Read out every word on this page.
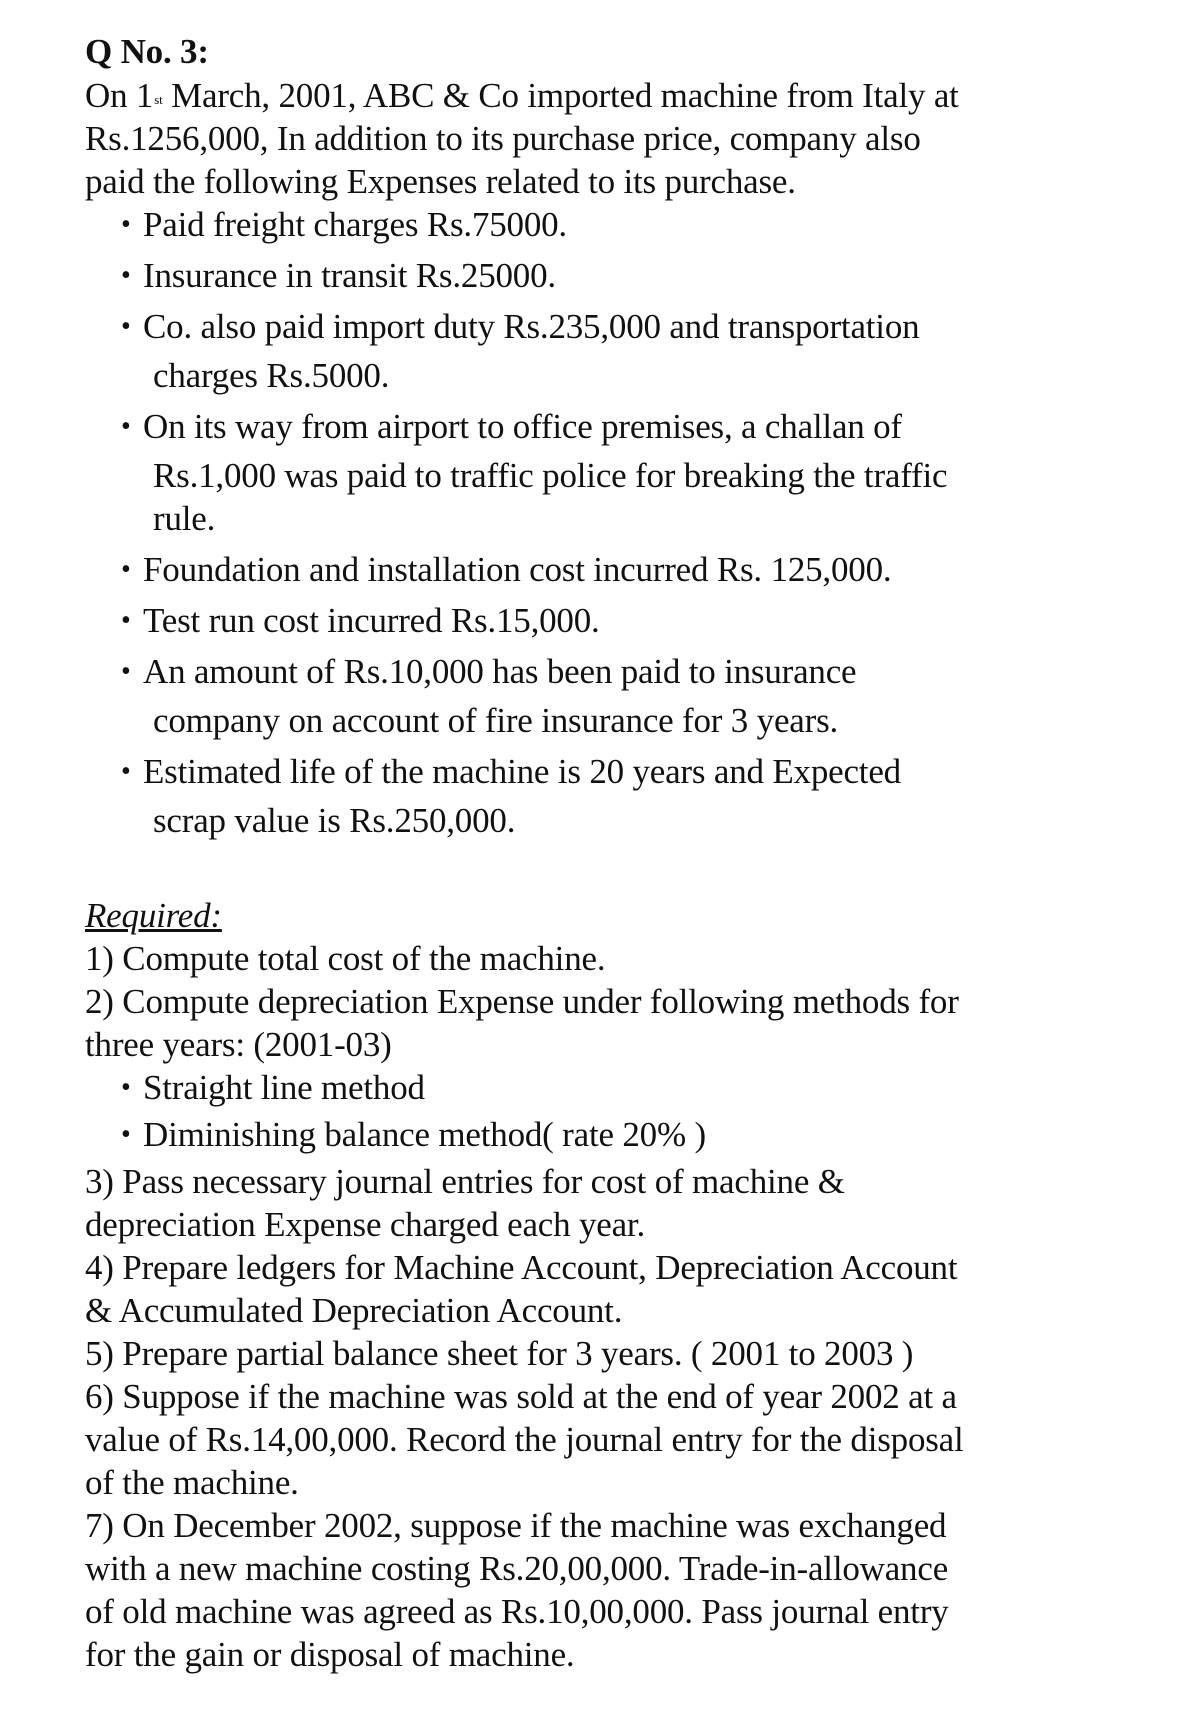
Q No. 3:

On 1st March, 2001, ABC & Co imported machine from Italy at
Rs.1256,000, In addition to its purchase price, company also
paid the following Expenses related to its purchase.

• Paid freight charges Rs.75000.
• Insurance in transit Rs.25000.
• Co. also paid import duty Rs.235,000 and transportation
charges Rs.5000.
• On its way from airport to office premises, a challan of
Rs.1,000 was paid to traffic police for breaking the traffic
rule.
• Foundation and installation cost incurred Rs. 125,000.
• Test run cost incurred Rs.15,000.
• An amount of Rs.10,000 has been paid to insurance
company on account of fire insurance for 3 years.
• Estimated life of the machine is 20 years and Expected
scrap value is Rs.250,000.

Required:

1) Compute total cost of the machine.

2) Compute depreciation Expense under following methods for
three years: (2001-03)

• Straight line method
• Diminishing balance method( rate 20% )

3) Pass necessary journal entries for cost of machine &
depreciation Expense charged each year.

4) Prepare ledgers for Machine Account, Depreciation Account
& Accumulated Depreciation Account.

5) Prepare partial balance sheet for 3 years. ( 2001 to 2003 )

6) Suppose if the machine was sold at the end of year 2002 at a
value of Rs.14,00,000. Record the journal entry for the disposal
of the machine.

7) On December 2002, suppose if the machine was exchanged
with a new machine costing Rs.20,00,000. Trade-in-allowance
of old machine was agreed as Rs.10,00,000. Pass journal entry
for the gain or disposal of machine.
